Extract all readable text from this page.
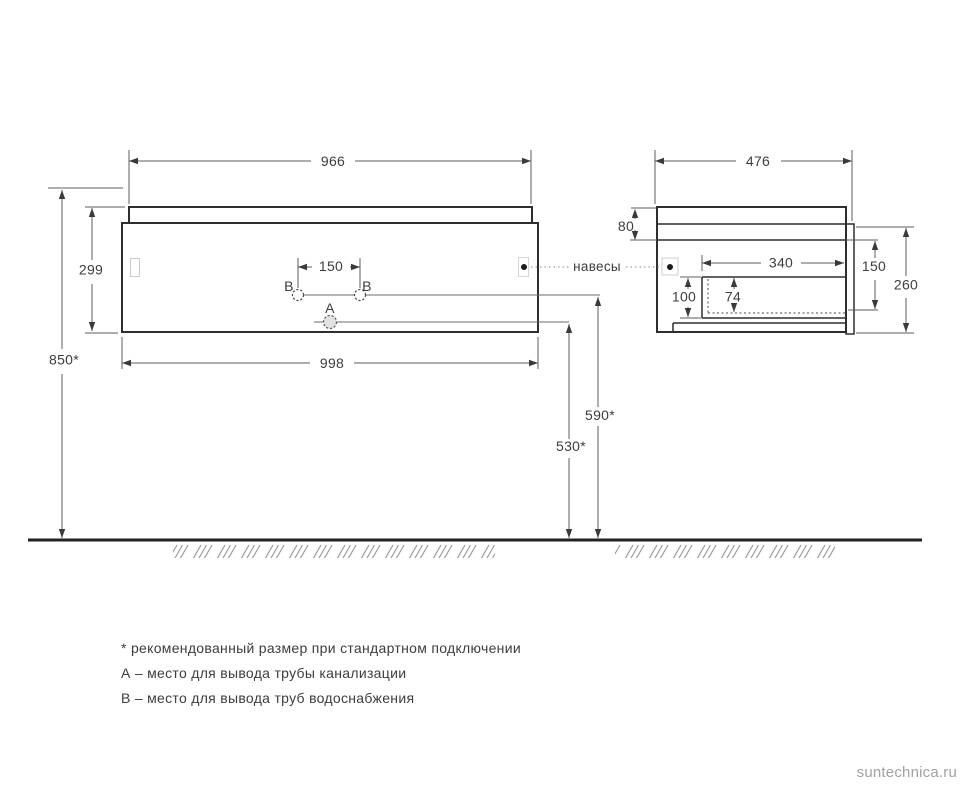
966
998
299	150
B	B
A
850*
590*
530*
навесы
476
80
340
100 74
150
260
* рекомендованный размер при стандартном подключении
А – место для вывода трубы канализации
В – место для вывода труб водоснабжения
suntechnica.ru
